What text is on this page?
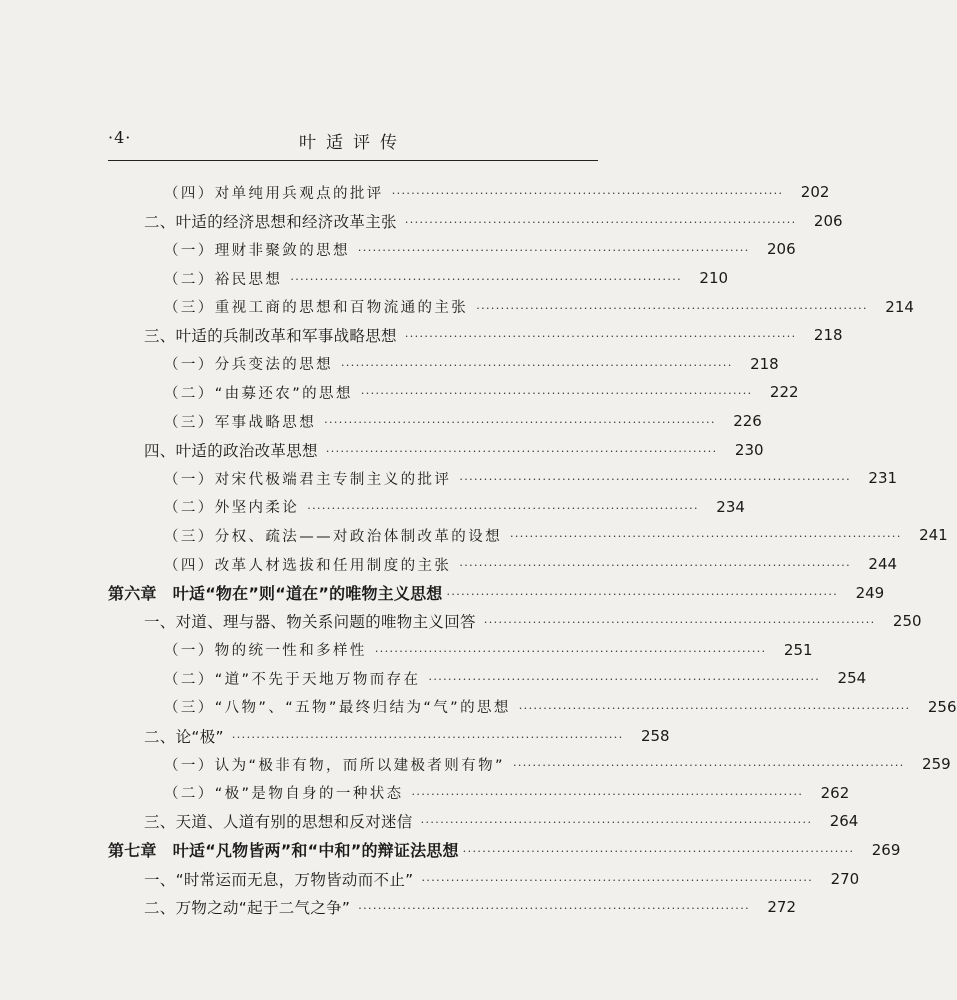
·4·	叶适评传
（四）对单纯用兵观点的批评 ················································································	202
二、叶适的经济思想和经济改革主张 ················································································	206
（一）理财非聚敛的思想 ················································································	206
（二）裕民思想 ················································································	210
（三）重视工商的思想和百物流通的主张 ················································································	214
三、叶适的兵制改革和军事战略思想 ················································································	218
（一）分兵变法的思想 ················································································	218
（二）“由募还农”的思想 ················································································	222
（三）军事战略思想 ················································································	226
四、叶适的政治改革思想 ················································································	230
（一）对宋代极端君主专制主义的批评 ················································································	231
（二）外坚内柔论 ················································································	234
（三）分权、疏法——对政治体制改革的设想 ················································································	241
（四）改革人材选拔和任用制度的主张 ················································································	244
第六章　叶适“物在”则“道在”的唯物主义思想 ················································································	249
一、对道、理与器、物关系问题的唯物主义回答 ················································································	250
（一）物的统一性和多样性 ················································································	251
（二）“道”不先于天地万物而存在 ················································································	254
（三）“八物”、“五物”最终归结为“气”的思想 ················································································	256
二、论“极” ················································································	258
（一）认为“极非有物，而所以建极者则有物” ················································································	259
（二）“极”是物自身的一种状态 ················································································	262
三、天道、人道有别的思想和反对迷信 ················································································	264
第七章　叶适“凡物皆两”和“中和”的辩证法思想 ················································································	269
一、“时常运而无息，万物皆动而不止” ················································································	270
二、万物之动“起于二气之争” ················································································	272
